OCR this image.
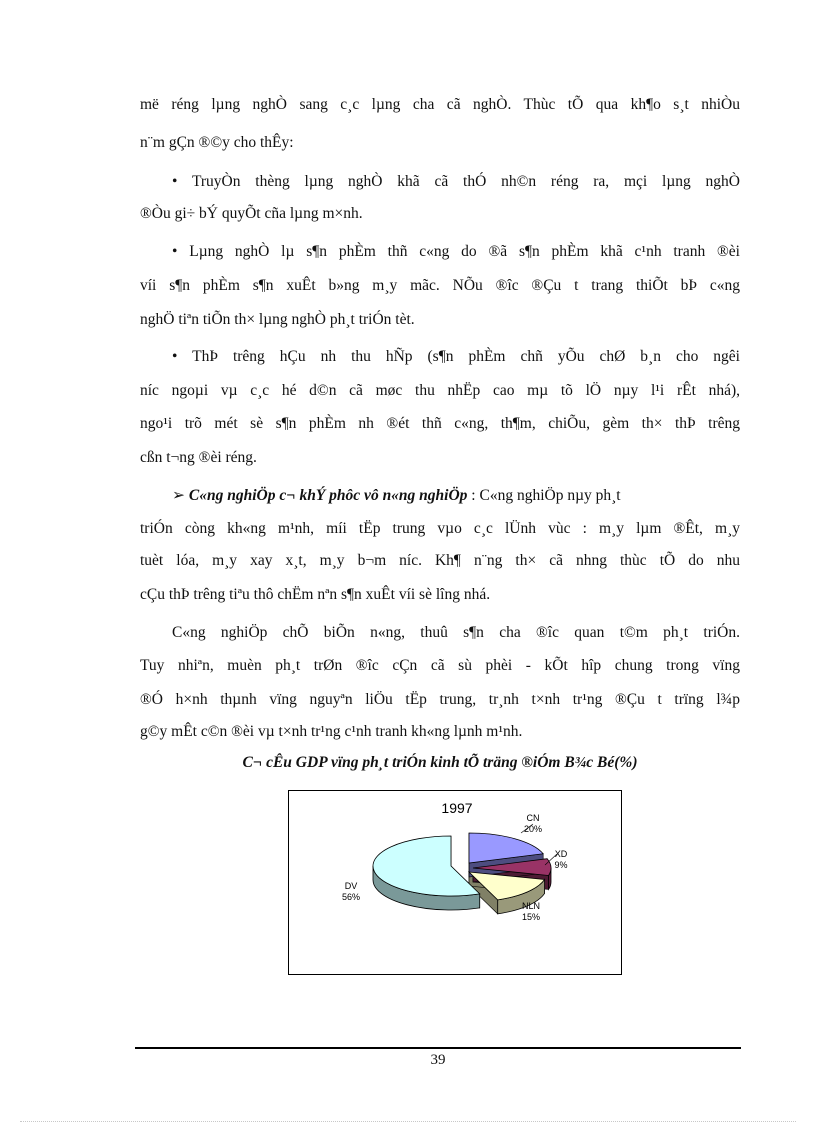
më réng lµng nghÒ sang c¸c lµng cha cã nghÒ. Thùc tÕ qua kh¶o s¸t nhiÒu
n¨m gÇn ®©y cho thÊy:
• TruyÒn thèng lµng nghÒ khã cã thÓ nh©n réng ra, mçi lµng nghÒ
®Òu gi÷ bÝ quyÕt cña lµng m×nh.
• Lµng nghÒ lµ s¶n phÈm thñ c«ng do ®ã s¶n phÈm khã c¹nh tranh ®èi
víi s¶n phÈm s¶n xuÊt b»ng m¸y mãc. NÕu ®îc ®Çu t trang thiÕt bÞ c«ng
nghÖ tiªn tiÕn th× lµng nghÒ ph¸t triÓn tèt.
• ThÞ trêng hÇu nh thu hÑp (s¶n phÈm chñ yÕu chØ b¸n cho ngêi
níc ngoµi vµ c¸c hé d©n cã møc thu nhËp cao mµ tõ lÖ nµy l¹i rÊt nhá),
ngo¹i trõ mét sè s¶n phÈm nh ®ét thñ c«ng, th¶m, chiÕu, gèm th× thÞ trêng
cßn t¬ng ®èi réng.
➢ C«ng nghiÖp c¬ khÝ phôc vô n«ng nghiÖp : C«ng nghiÖp nµy ph¸t
triÓn còng kh«ng m¹nh, míi tËp trung vµo c¸c lÜnh vùc : m¸y lµm ®Êt, m¸y
tuèt lóa, m¸y xay x¸t, m¸y b¬m níc. Kh¶ n¨ng th× cã nhng thùc tÕ do nhu
cÇu thÞ trêng tiªu thô chËm nªn s¶n xuÊt víi sè lîng nhá.
C«ng nghiÖp chÕ biÕn n«ng, thuû s¶n cha ®îc quan t©m ph¸t triÓn.
Tuy nhiªn, muèn ph¸t trØn ®îc cÇn cã sù phèi - kÕt hîp chung trong vïng
®Ó h×nh thµnh vïng nguyªn liÖu tËp trung, tr¸nh t×nh tr¹ng ®Çu t trïng l¾p
g©y mÊt c©n ®èi vµ t×nh tr¹ng c¹nh tranh kh«ng lµnh m¹nh.
C¬ cÊu GDP vïng ph¸t triÓn kinh tÕ träng ®iÓm B¾c Bé(%)
1997
CN
20%
XD
9%
NLN
15%
DV
56%
39
